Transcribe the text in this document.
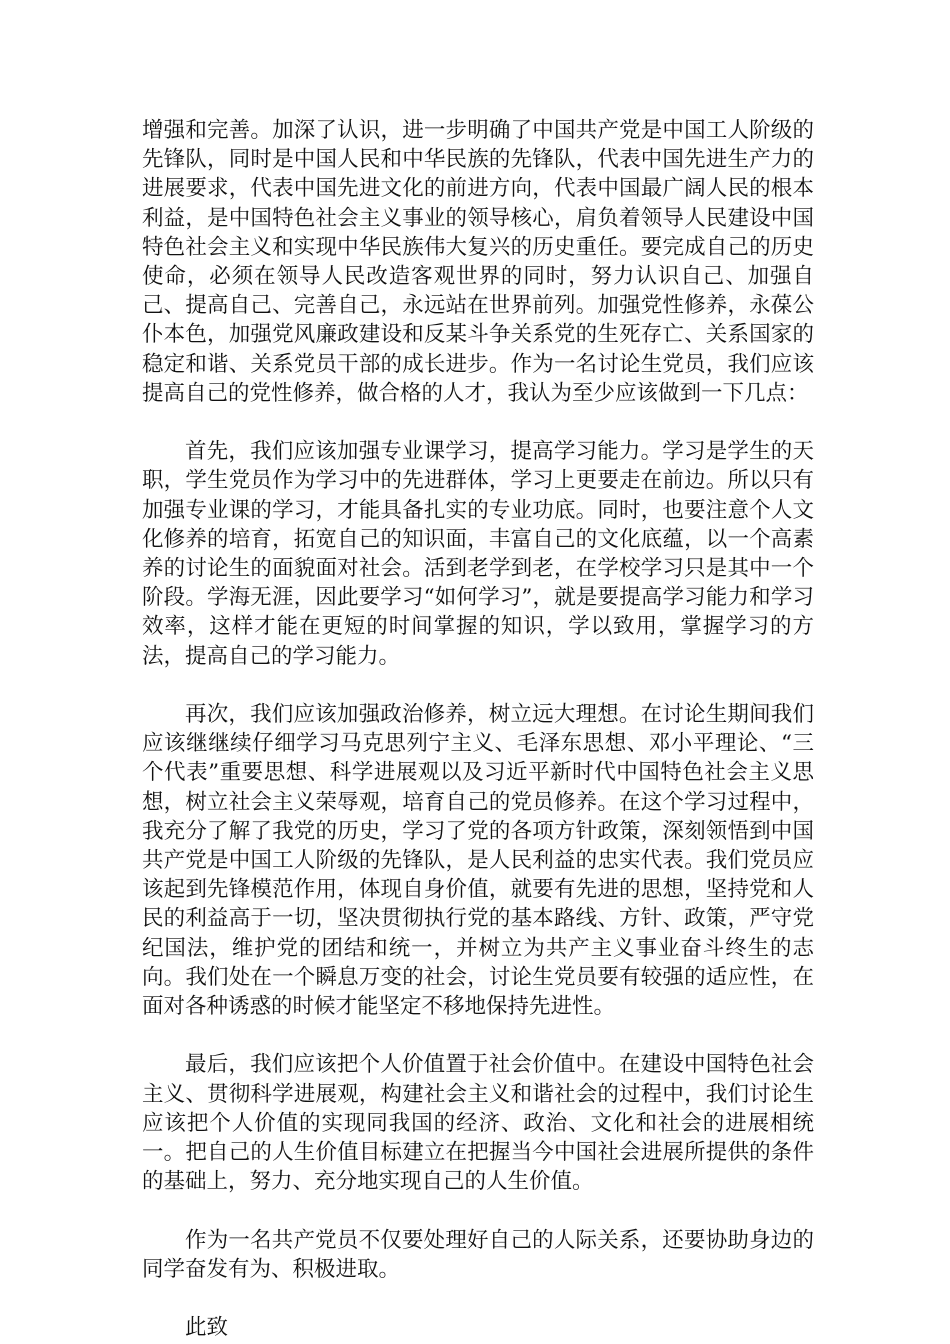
增强和完善。加深了认识，进一步明确了中国共产党是中国工人阶级的先锋队，同时是中国人民和中华民族的先锋队，代表中国先进生产力的进展要求，代表中国先进文化的前进方向，代表中国最广阔人民的根本利益，是中国特色社会主义事业的领导核心，肩负着领导人民建设中国特色社会主义和实现中华民族伟大复兴的历史重任。要完成自己的历史使命，必须在领导人民改造客观世界的同时，努力认识自己、加强自己、提高自己、完善自己，永远站在世界前列。加强党性修养，永葆公仆本色，加强党风廉政建设和反某斗争关系党的生死存亡、关系国家的稳定和谐、关系党员干部的成长进步。作为一名讨论生党员，我们应该提高自己的党性修养，做合格的人才，我认为至少应该做到一下几点：

首先，我们应该加强专业课学习，提高学习能力。学习是学生的天职，学生党员作为学习中的先进群体，学习上更要走在前边。所以只有加强专业课的学习，才能具备扎实的专业功底。同时，也要注意个人文化修养的培育，拓宽自己的知识面，丰富自己的文化底蕴，以一个高素养的讨论生的面貌面对社会。活到老学到老，在学校学习只是其中一个阶段。学海无涯，因此要学习“如何学习”，就是要提高学习能力和学习效率，这样才能在更短的时间掌握的知识，学以致用，掌握学习的方法，提高自己的学习能力。

再次，我们应该加强政治修养，树立远大理想。在讨论生期间我们应该继继续仔细学习马克思列宁主义、毛泽东思想、邓小平理论、“三个代表”重要思想、科学进展观以及习近平新时代中国特色社会主义思想，树立社会主义荣辱观，培育自己的党员修养。在这个学习过程中，我充分了解了我党的历史，学习了党的各项方针政策，深刻领悟到中国共产党是中国工人阶级的先锋队，是人民利益的忠实代表。我们党员应该起到先锋模范作用，体现自身价值，就要有先进的思想，坚持党和人民的利益高于一切，坚决贯彻执行党的基本路线、方针、政策，严守党纪国法，维护党的团结和统一，并树立为共产主义事业奋斗终生的志向。我们处在一个瞬息万变的社会，讨论生党员要有较强的适应性，在面对各种诱惑的时候才能坚定不移地保持先进性。

最后，我们应该把个人价值置于社会价值中。在建设中国特色社会主义、贯彻科学进展观，构建社会主义和谐社会的过程中，我们讨论生应该把个人价值的实现同我国的经济、政治、文化和社会的进展相统一。把自己的人生价值目标建立在把握当今中国社会进展所提供的条件的基础上，努力、充分地实现自己的人生价值。

作为一名共产党员不仅要处理好自己的人际关系，还要协助身边的同学奋发有为、积极进取。

此致
